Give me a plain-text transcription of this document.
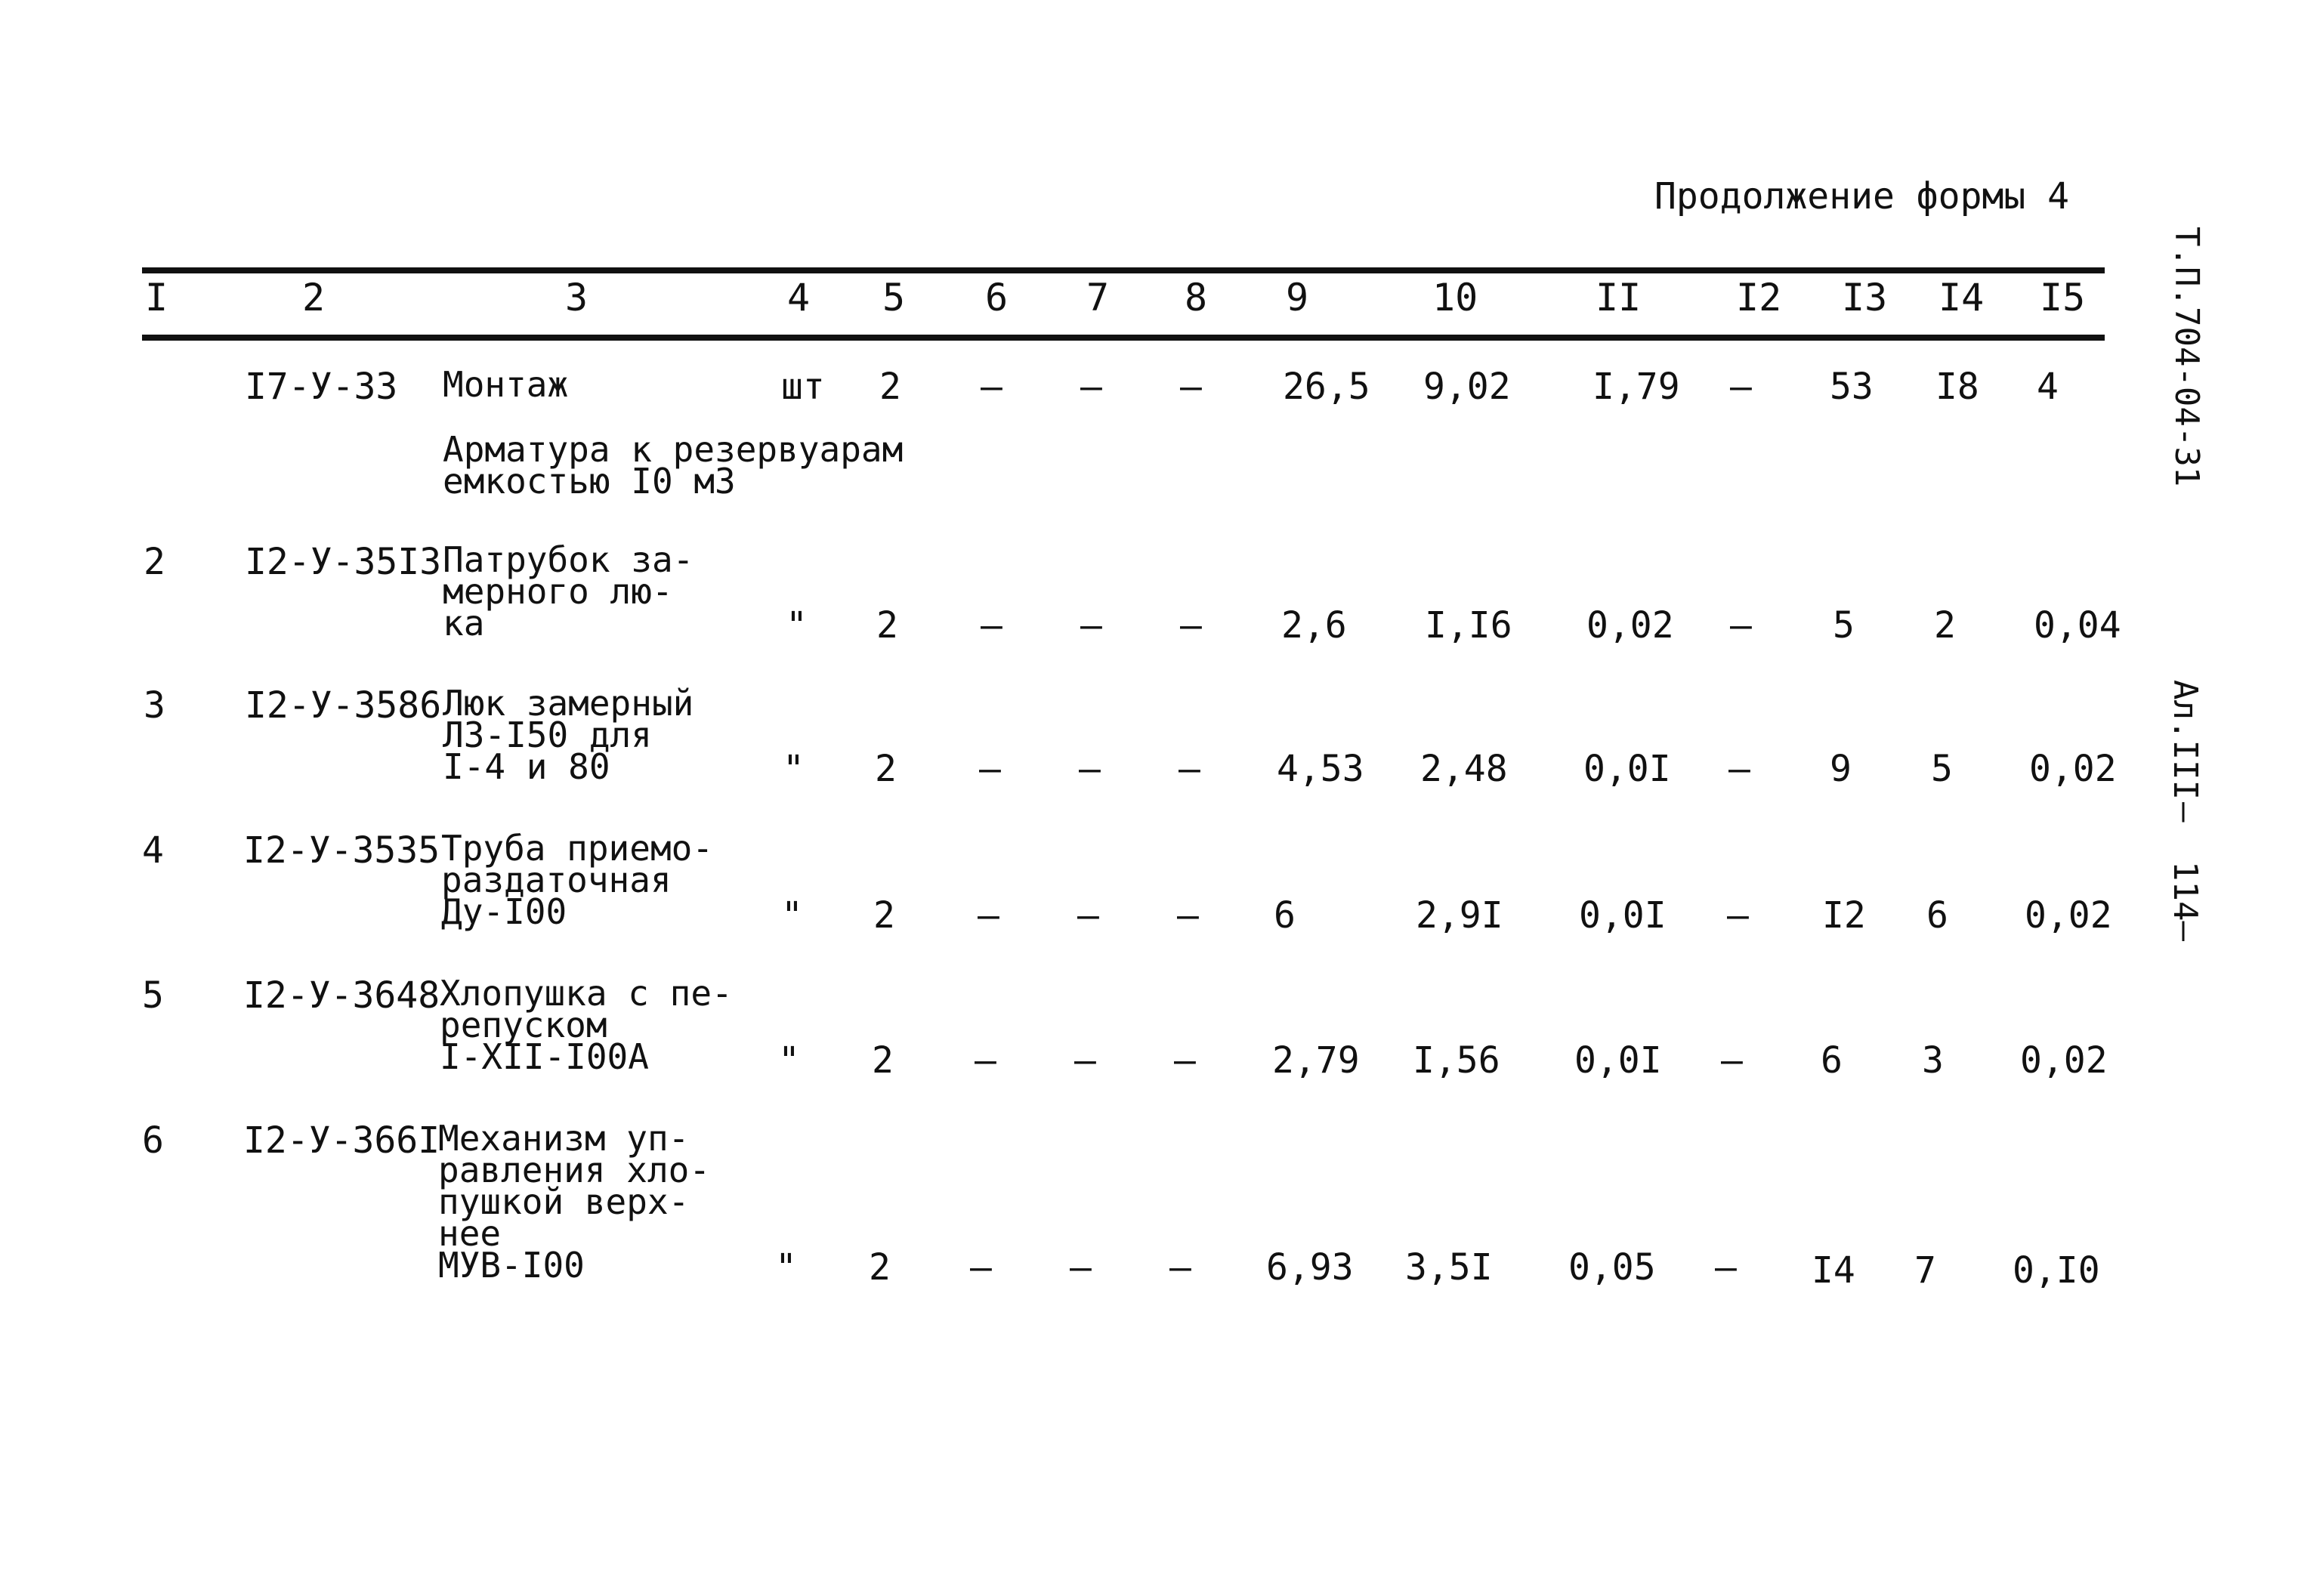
Продолжение формы 4
Т.П.704-04-31
Ал.III
–
114–
I	2	3	4 5 6 7 8 9	10	II	I2 I3 I4 I5
I7-У-33 Монтаж	шт 2 – – – 26,5 9,02 I,79 – 53 I8 4
Арматура к резервуарам
емкостью I0 м3
2 I2-У-35I3 Патрубок за-
мерного лю-
ка	" 2 – – – 2,6 I,I6 0,02 – 5 2 0,04
3 I2-У-3586 Люк замерный
ЛЗ-I50 для
I-4 и 80	" 2 – – – 4,53 2,48 0,0I – 9 5 0,02
4 I2-У-3535 Труба приемо-
раздаточная
Ду-I00	" 2 – – – 6	2,9I 0,0I – I2 6 0,02
5 I2-У-3648 Хлопушка с пе-
репуском
I-XII-I00A	" 2 – – – 2,79 I,56 0,0I – 6 3 0,02
6 I2-У-366I
Механизм уп-
равления хло-
пушкой верх-
нее
МУВ-I00	" 2 – – – 6,93 3,5I 0,05 – I4 7 0,I0
